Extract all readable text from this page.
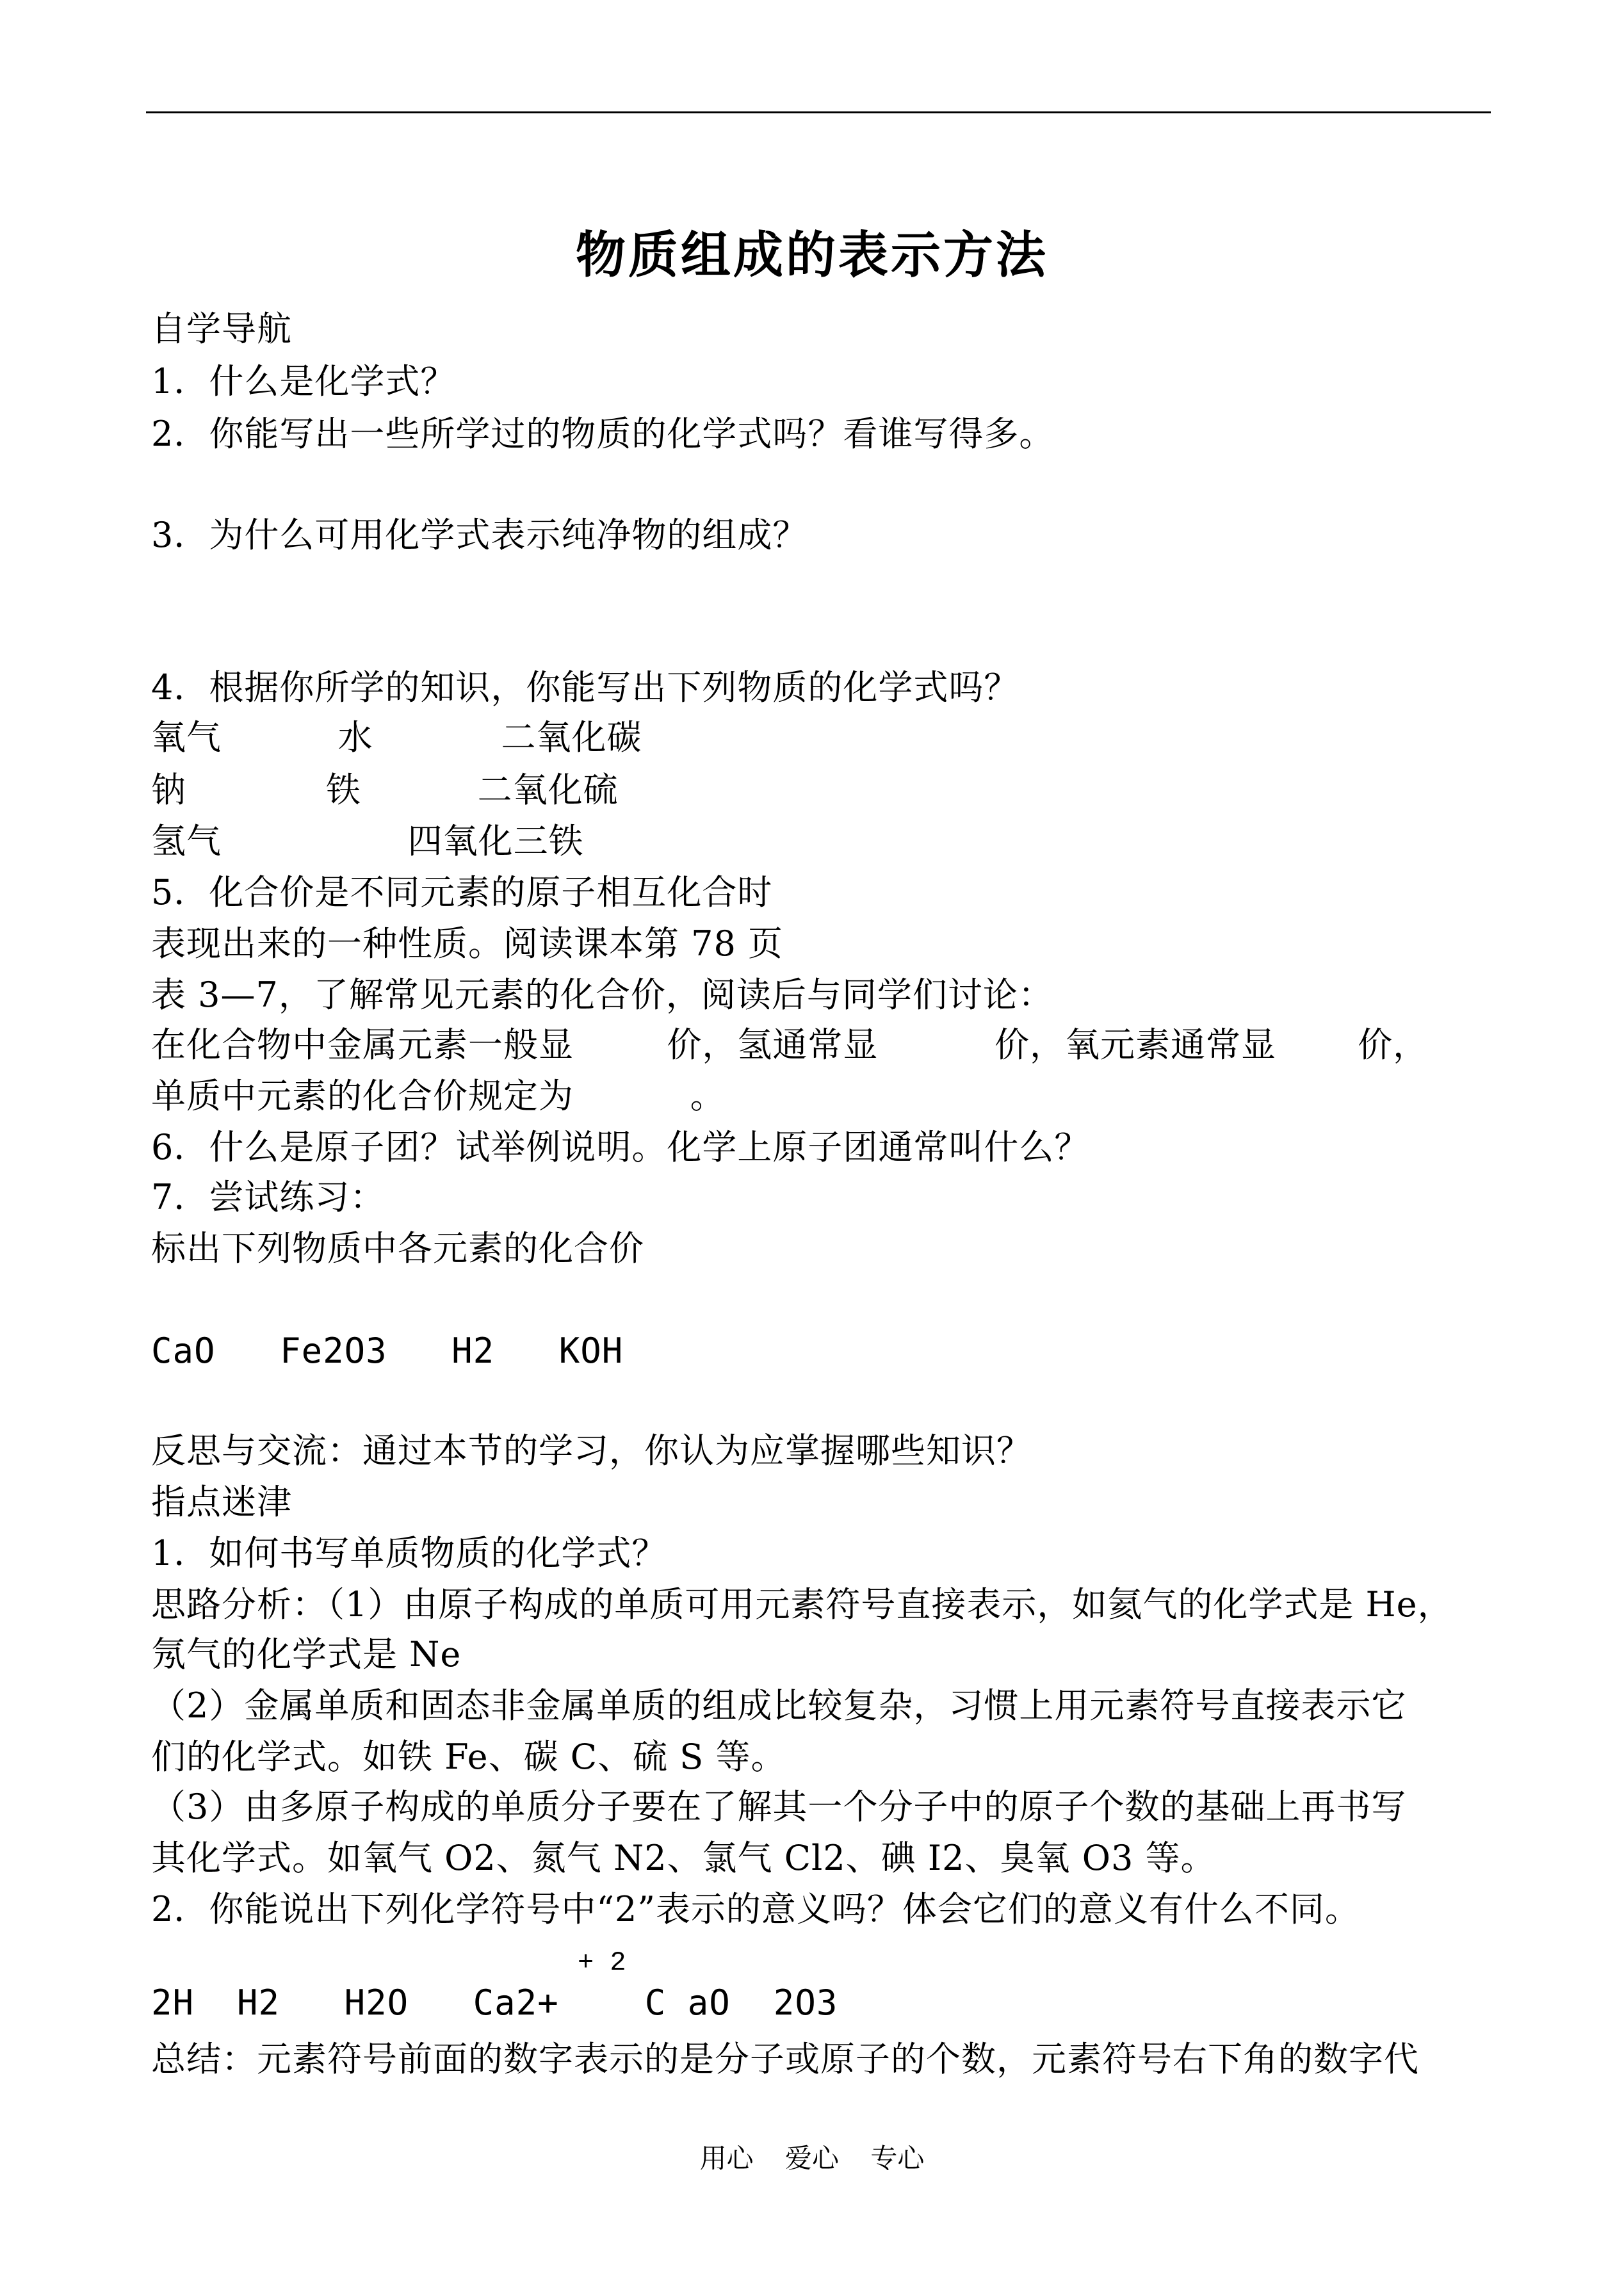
物质组成的表示方法
自学导航
1．什么是化学式？
2．你能写出一些所学过的物质的化学式吗？看谁写得多。
3．为什么可用化学式表示纯净物的组成？
4．根据你所学的知识，你能写出下列物质的化学式吗？
氧气          水           二氧化碳
钠            铁          二氧化硫
氢气                四氧化三铁
5．化合价是不同元素的原子相互化合时
表现出来的一种性质。阅读课本第 78 页
表 3—7，了解常见元素的化合价，阅读后与同学们讨论：
在化合物中金属元素一般显        价，氢通常显          价，氧元素通常显       价，
单质中元素的化合价规定为          。
6．什么是原子团？试举例说明。化学上原子团通常叫什么？
7．尝试练习：
标出下列物质中各元素的化合价
CaO   Fe2O3   H2   KOH
反思与交流：通过本节的学习，你认为应掌握哪些知识？
指点迷津
1．如何书写单质物质的化学式？
思路分析：（1）由原子构成的单质可用元素符号直接表示，如氦气的化学式是 He，
氖气的化学式是 Ne
（2）金属单质和固态非金属单质的组成比较复杂，习惯上用元素符号直接表示它
们的化学式。如铁 Fe、碳 C、硫 S 等。
（3）由多原子构成的单质分子要在了解其一个分子中的原子个数的基础上再书写
其化学式。如氧气 O2、氮气 N2、氯气 Cl2、碘 I2、臭氧 O3 等。
2．你能说出下列化学符号中“2”表示的意义吗？体会它们的意义有什么不同。
+ 2
2H  H2   H2O   Ca2+    C aO  2O3
总结：元素符号前面的数字表示的是分子或原子的个数，元素符号右下角的数字代
用心 爱心 专心
